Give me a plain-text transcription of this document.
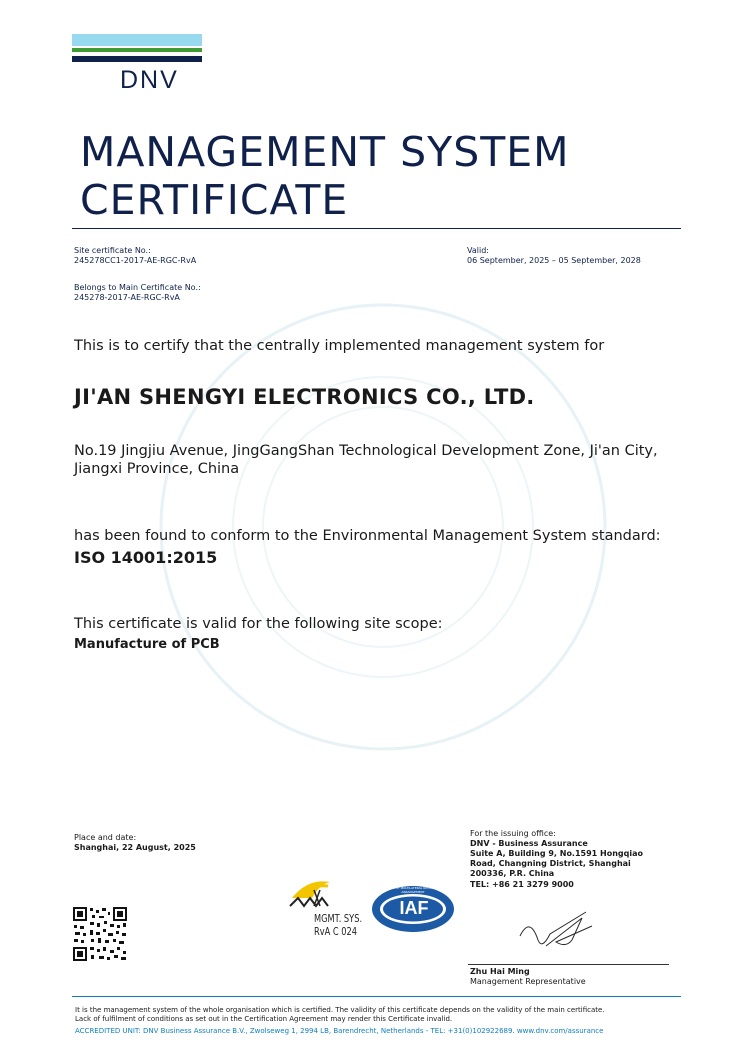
DNV
MANAGEMENT SYSTEM
CERTIFICATE
Site certificate No.:
245278CC1-2017-AE-RGC-RvA
Belongs to Main Certificate No.:
245278-2017-AE-RGC-RvA
Valid:
06 September, 2025 – 05 September, 2028
This is to certify that the centrally implemented management system for
JI'AN SHENGYI ELECTRONICS CO., LTD.
No.19 Jingjiu Avenue, JingGangShan Technological Development Zone, Ji'an City,
Jiangxi Province, China
has been found to conform to the Environmental Management System standard:
ISO 14001:2015
This certificate is valid for the following site scope:
Manufacture of PCB
Place and date:
Shanghai, 22 August, 2025
For the issuing office:
DNV - Business Assurance
Suite A, Building 9, No.1591 Hongqiao
Road, Changning District, Shanghai
200336, P.R. China
TEL: +86 21 3279 9000
MGMT. SYS.
RvA C 024
IAF
MEMBER OF MULTILATERAL RECOGNITION ARRANGEMENT
Zhu Hai Ming
Management Representative
It is the management system of the whole organisation which is certified. The validity of this certificate depends on the validity of the main certificate.
Lack of fulfilment of conditions as set out in the Certification Agreement may render this Certificate invalid.
ACCREDITED UNIT: DNV Business Assurance B.V., Zwolseweg 1, 2994 LB, Barendrecht, Netherlands - TEL: +31(0)102922689. www.dnv.com/assurance
